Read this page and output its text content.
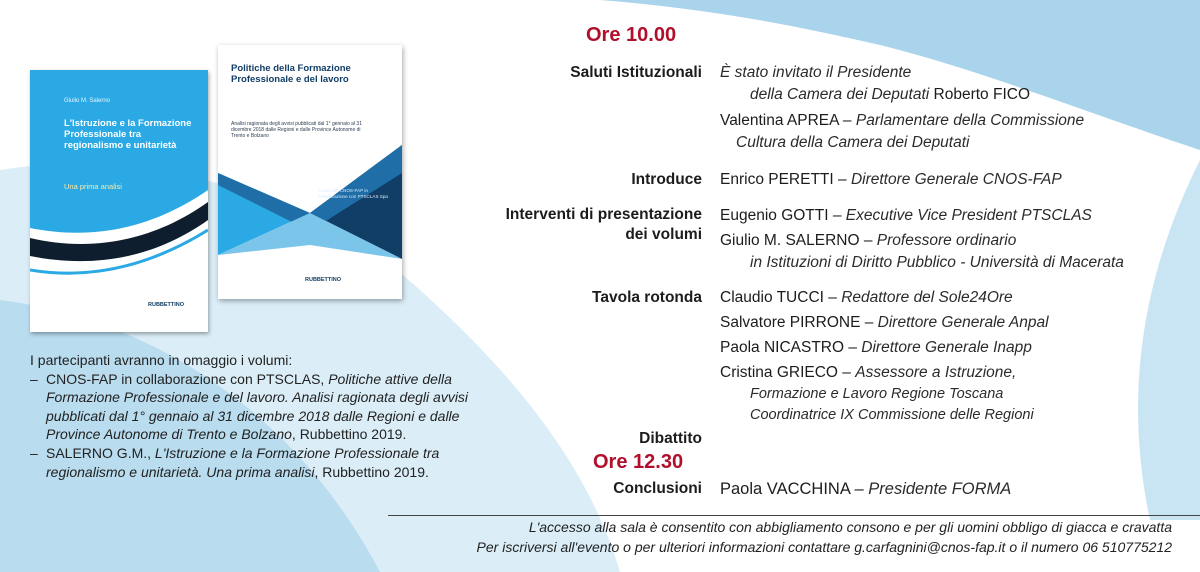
Giulio M. Salerno
L'Istruzione e la Formazione Professionale tra regionalismo e unitarietà
Una prima analisi
RUBBETTINO
Politiche della Formazione Professionale e del lavoro
Analisi ragionata degli avvisi pubblicati dal 1° gennaio al 31 dicembre 2018 dalle Regioni e dalle Province Autonome di Trento e Bolzano
A cura del CNOS-FAP in collaborazione con PTSCLAS Spa
RUBBETTINO

I partecipanti avranno in omaggio i volumi:

– CNOS-FAP in collaborazione con PTSCLAS, Politiche attive della Formazione Professionale e del lavoro. Analisi ragionata degli avvisi pubblicati dal 1° gennaio al 31 dicembre 2018 dalle Regioni e dalle Province Autonome di Trento e Bolzano, Rubbettino 2019.
– SALERNO G.M., L'Istruzione e la Formazione Professionale tra regionalismo e unitarietà. Una prima analisi, Rubbettino 2019.
Ore 10.00
Ore 12.30
Saluti Istituzionali È stato invitato il Presidente
della Camera dei Deputati Roberto FICO
Valentina APREA – Parlamentare della Commissione
Cultura della Camera dei Deputati
Introduce Enrico PERETTI – Direttore Generale CNOS-FAP
Interventi di presentazione
dei volumi
Eugenio GOTTI – Executive Vice President PTSCLAS
Giulio M. SALERNO – Professore ordinario
in Istituzioni di Diritto Pubblico - Università di Macerata
Tavola rotonda Claudio TUCCI – Redattore del Sole24Ore
Salvatore PIRRONE – Direttore Generale Anpal
Paola NICASTRO – Direttore Generale Inapp
Cristina GRIECO – Assessore a Istruzione,
Formazione e Lavoro Regione Toscana
Coordinatrice IX Commissione delle Regioni
Dibattito
Conclusioni Paola VACCHINA – Presidente FORMA
L'accesso alla sala è consentito con abbigliamento consono e per gli uomini obbligo di giacca e cravatta
Per iscriversi all'evento o per ulteriori informazioni contattare g.carfagnini@cnos-fap.it o il numero 06 510775212
